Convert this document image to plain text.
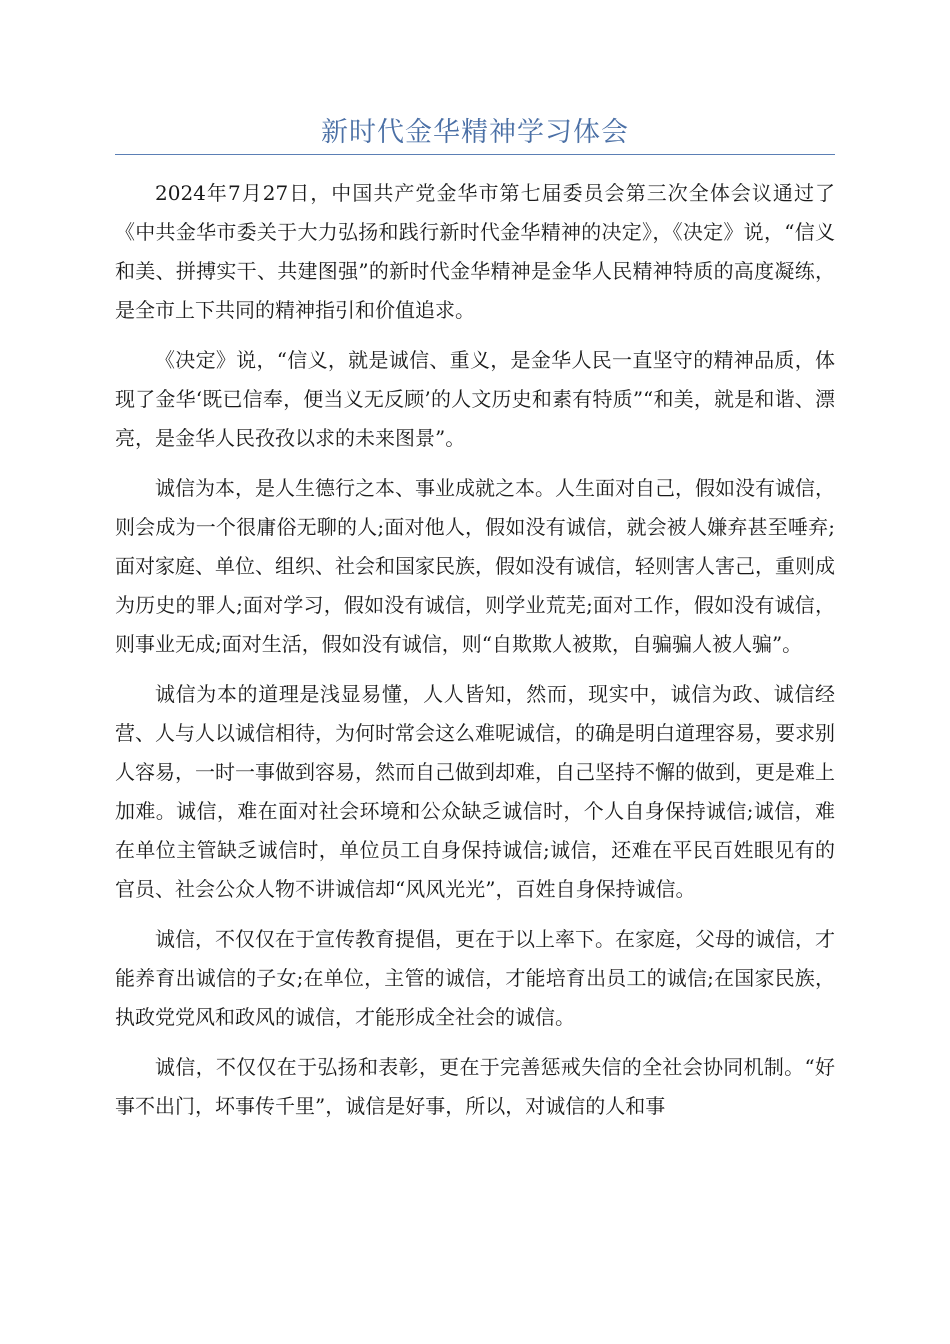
新时代金华精神学习体会

2024年7月27日，中国共产党金华市第七届委员会第三次全体会议通过了《中共金华市委关于大力弘扬和践行新时代金华精神的决定》，《决定》说，“信义和美、拼搏实干、共建图强”的新时代金华精神是金华人民精神特质的高度凝练，是全市上下共同的精神指引和价值追求。

《决定》说，“信义，就是诚信、重义，是金华人民一直坚守的精神品质，体现了金华‘既已信奉，便当义无反顾’的人文历史和素有特质”“和美，就是和谐、漂亮，是金华人民孜孜以求的未来图景”。

诚信为本，是人生德行之本、事业成就之本。人生面对自己，假如没有诚信，则会成为一个很庸俗无聊的人;面对他人，假如没有诚信，就会被人嫌弃甚至唾弃;面对家庭、单位、组织、社会和国家民族，假如没有诚信，轻则害人害己，重则成为历史的罪人;面对学习，假如没有诚信，则学业荒芜;面对工作，假如没有诚信，则事业无成;面对生活，假如没有诚信，则“自欺欺人被欺，自骗骗人被人骗”。

诚信为本的道理是浅显易懂，人人皆知，然而，现实中，诚信为政、诚信经营、人与人以诚信相待，为何时常会这么难呢诚信，的确是明白道理容易，要求别人容易，一时一事做到容易，然而自己做到却难，自己坚持不懈的做到，更是难上加难。诚信，难在面对社会环境和公众缺乏诚信时，个人自身保持诚信;诚信，难在单位主管缺乏诚信时，单位员工自身保持诚信;诚信，还难在平民百姓眼见有的官员、社会公众人物不讲诚信却“风风光光”，百姓自身保持诚信。

诚信，不仅仅在于宣传教育提倡，更在于以上率下。在家庭，父母的诚信，才能养育出诚信的子女;在单位，主管的诚信，才能培育出员工的诚信;在国家民族，执政党党风和政风的诚信，才能形成全社会的诚信。

诚信，不仅仅在于弘扬和表彰，更在于完善惩戒失信的全社会协同机制。“好事不出门，坏事传千里”，诚信是好事，所以，对诚信的人和事
